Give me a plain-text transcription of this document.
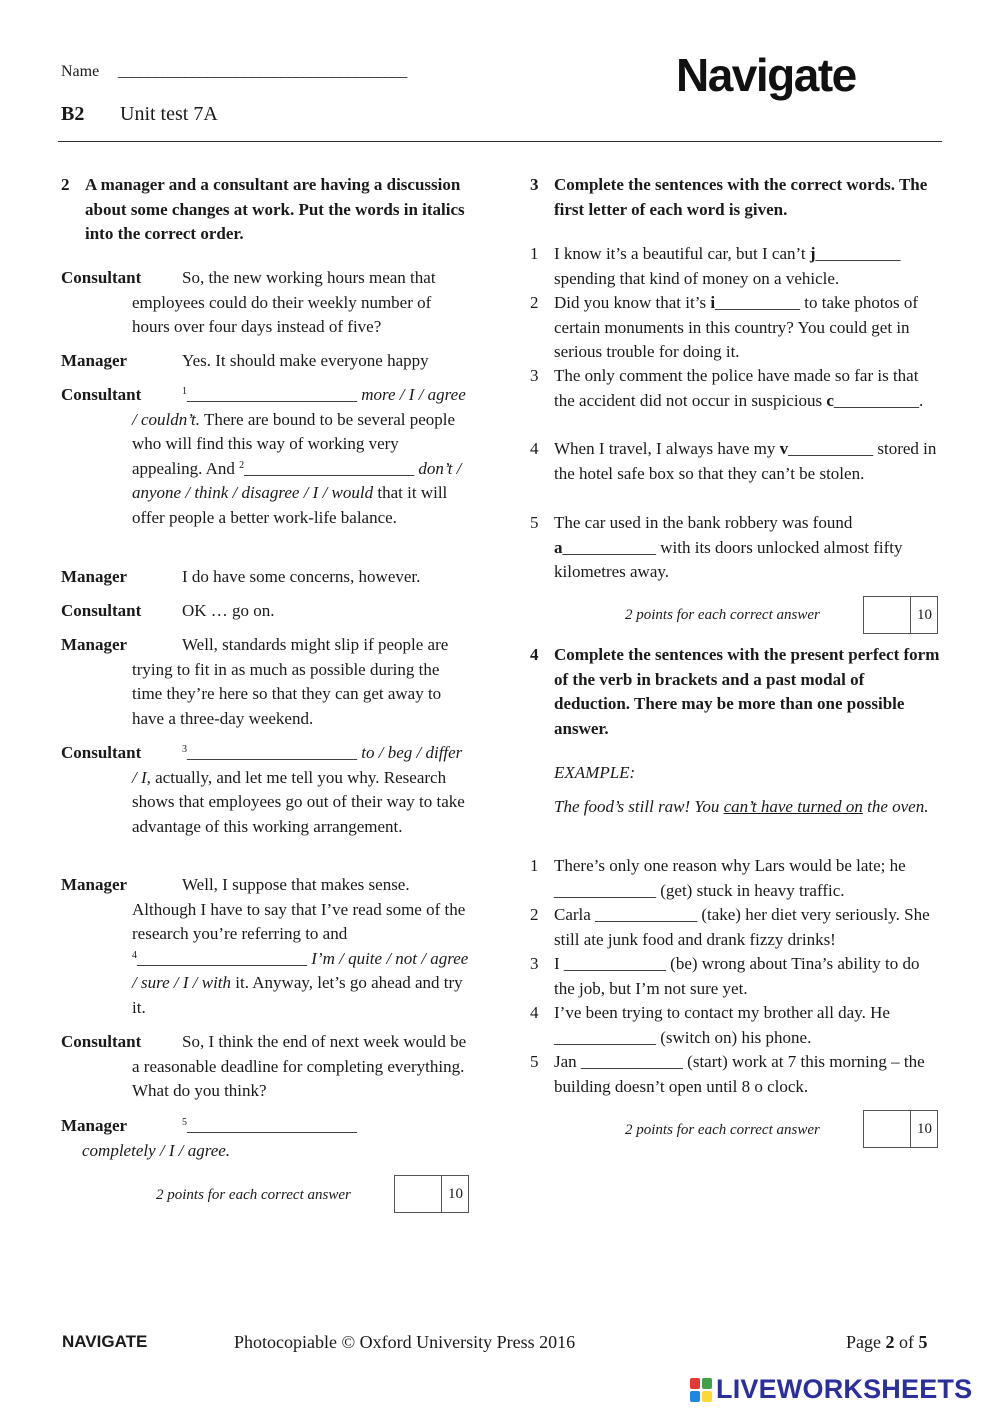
Name _______________________________________
B2 Unit test 7A
Navigate
2 A manager and a consultant are having a discussion about some changes at work. Put the words in italics into the correct order.
Consultant	So, the new working hours mean that employees could do their weekly number of hours over four days instead of five?
Manager	Yes. It should make everyone happy
Consultant	$^1$____________________ more / I / agree / couldn’t. There are bound to be several people who will find this way of working very appealing. And $^2$____________________ don’t / anyone / think / disagree / I / would that it will offer people a better work-life balance.
Manager	I do have some concerns, however.
Consultant	OK … go on.
Manager	Well, standards might slip if people are trying to fit in as much as possible during the time they’re here so that they can get away to have a three-day weekend.
Consultant	$^3$____________________ to / beg / differ / I, actually, and let me tell you why. Research shows that employees go out of their way to take advantage of this working arrangement.
Manager	Well, I suppose that makes sense. Although I have to say that I’ve read some of the research you’re referring to and $^4$____________________ I’m / quite / not / agree / sure / I / with it. Anyway, let’s go ahead and try it.
Consultant	So, I think the end of next week would be a reasonable deadline for completing everything. What do you think?
Manager	$^5$____________________
completely / I / agree.
2 points for each correct answer	10
3 Complete the sentences with the correct words. The first letter of each word is given.
1 I know it’s a beautiful car, but I can’t j__________ spending that kind of money on a vehicle.
2 Did you know that it’s i__________ to take photos of certain monuments in this country? You could get in serious trouble for doing it.
3 The only comment the police have made so far is that the accident did not occur in suspicious c__________.
4 When I travel, I always have my v__________ stored in the hotel safe box so that they can’t be stolen.
5 The car used in the bank robbery was found a___________ with its doors unlocked almost fifty kilometres away.
2 points for each correct answer	10
4 Complete the sentences with the present perfect form of the verb in brackets and a past modal of deduction. There may be more than one possible answer.
EXAMPLE:
The food’s still raw! You can’t have turned on the oven.
1 There’s only one reason why Lars would be late; he ____________ (get) stuck in heavy traffic.
2 Carla ____________ (take) her diet very seriously. She still ate junk food and drank fizzy drinks!
3 I ____________ (be) wrong about Tina’s ability to do the job, but I’m not sure yet.
4 I’ve been trying to contact my brother all day. He ____________ (switch on) his phone.
5 Jan ____________ (start) work at 7 this morning – the building doesn’t open until 8 o clock.
2 points for each correct answer	10
NAVIGATE	Photocopiable © Oxford University Press 2016	Page 2 of 5
LIVEWORKSHEETS
